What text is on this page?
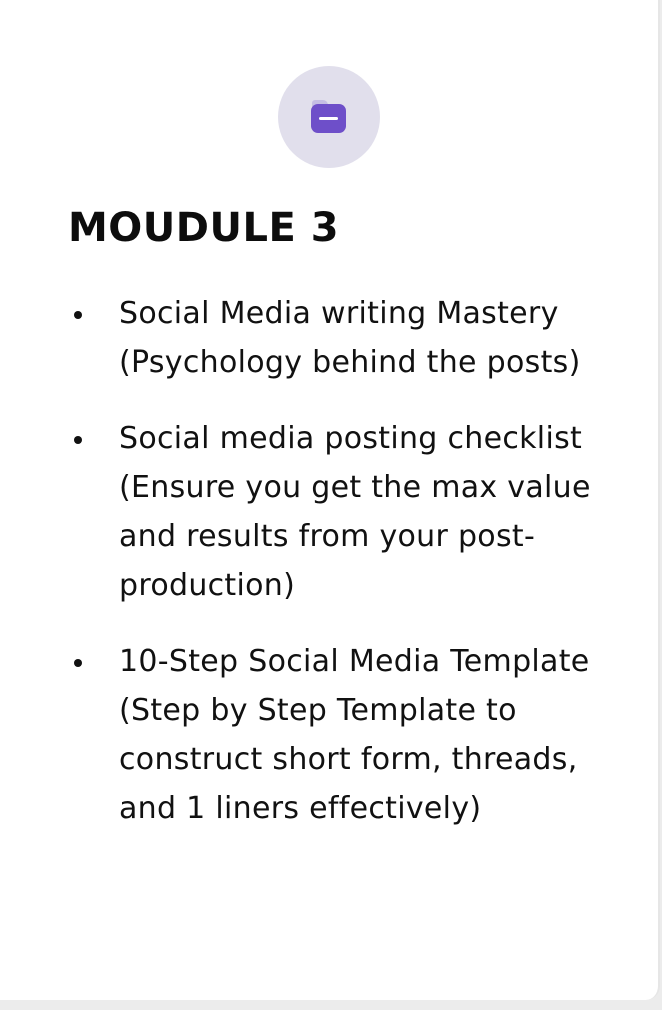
MOUDULE 3
Social Media writing Mastery (Psychology behind the posts)
Social media posting checklist (Ensure you get the max value and results from your post-production)
10-Step Social Media Template (Step by Step Template to construct short form, threads, and 1 liners effectively)
